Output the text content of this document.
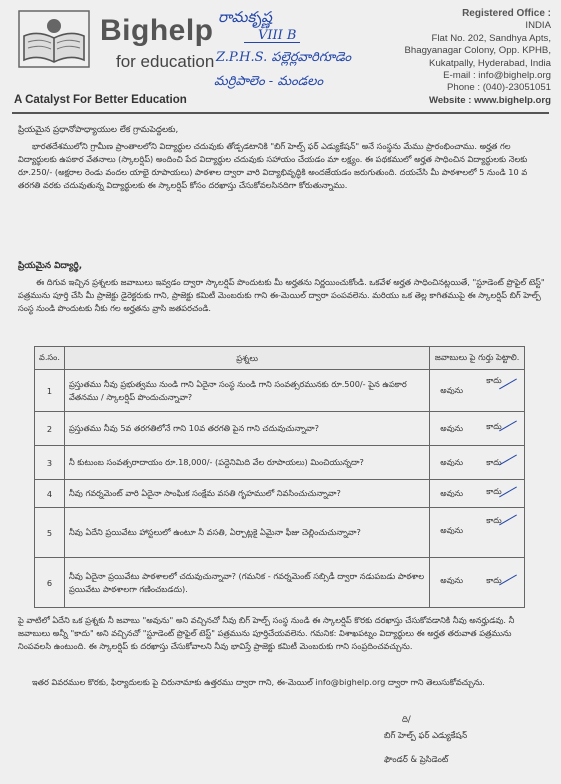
Bighelp
for education
A Catalyst For Better Education
రామకృష్ణ
VIII B
Z.P.H.S. పల్లెర్లవారిగూడెం
మర్రిపాలెం - మండలం
Registered Office :
INDIA
Flat No. 202, Sandhya Apts,
Bhagyanagar Colony, Opp. KPHB,
Kukatpally, Hyderabad, India
E-mail : info@bighelp.org
Phone : (040)-23051051
Website : www.bighelp.org
ప్రియమైన ప్రధానోపాధ్యాయుల లేక గ్రామపెద్దలకు,
భారతదేశములోని గ్రామీణ ప్రాంతాలలోని విద్యార్థుల చదువుకు తోడ్పడటానికి "బిగ్ హెల్ప్ ఫర్ ఎడ్యుకేషన్" అనే సంస్థను మేము ప్రారంభించాము. అర్హత గల విద్యార్థులకు ఉపకార వేతనాలు (స్కాలర్షిప్) అందించి పేద విద్యార్థుల చదువుకు సహాయం చేయడం మా లక్ష్యం. ఈ పథకములో అర్హత సాధించిన విద్యార్థులకు నెలకు రూ.250/- (అక్షరాల రెండు వందల యాభై రూపాయలు) పాఠశాల ద్వారా వారి విద్యాభివృద్ధికి అందజేయడం జరుగుతుంది. దయచేసి మీ పాఠశాలలో 5 నుండి 10 వ తరగతి వరకు చదువుతున్న విద్యార్థులకు ఈ స్కాలర్షిప్ కోసం దరఖాస్తు చేసుకోవలసినదిగా కోరుతున్నాము.
ప్రియమైన విద్యార్థి,
ఈ దిగువ ఇచ్చిన ప్రశ్నలకు జవాబులు ఇవ్వడం ద్వారా స్కాలర్షిప్ పొందుటకు మీ అర్హతను నిర్ణయించుకోండి. ఒకవేళ అర్హత సాధించినట్లయితే, "స్టూడెంట్ ప్రొఫైల్ టెస్ట్" పత్రమును పూర్తి చేసి మీ ప్రాజెక్టు డైరెక్టరుకు గాని, ప్రాజెక్టు కమిటీ మెంబరుకు గాని ఈ-మెయిల్ ద్వారా పంపవలెను. మరియు ఒక తెల్ల కాగితముపై ఈ స్కాలర్షిప్ బిగ్ హెల్ప్ సంస్థ నుండి పొందుటకు నీకు గల అర్హతను వ్రాసి జతపరచండి.
వ.సం.	ప్రశ్నలు	జవాబులు పై గుర్తు పెట్టాలి.
1	ప్రస్తుతము నీవు ప్రభుత్వము నుండి గాని ఏదైనా సంస్థ నుండి గాని సంవత్సరమునకు రూ.500/- పైన ఉపకార వేతనము / స్కాలర్షిప్ పొందుచున్నావా?	అవును
కాదు

2	ప్రస్తుతము నీవు 5వ తరగతిలోనే గాని 10వ తరగతి పైన గాని చదువుచున్నావా?	అవును కాదు

3	నీ కుటుంబ సంవత్సరాదాయం రూ.18,000/- (పద్దెనిమిది వేల రూపాయలు) మించియున్నదా?	అవును కాదు

4	నీవు గవర్నమెంట్ వారి ఏదైనా సాంఘిక సంక్షేమ వసతి గృహములో నివసించుచున్నావా?	అవును కాదు

5	నీవు ఏదేని ప్రయివేటు హాస్టలులో ఉంటూ నీ వసతి, ఏర్పాట్లకై ఏమైనా ఫీజు చెల్లించుచున్నావా?	అవును
కాదు

6	నీవు ఏదైనా ప్రయివేటు పాఠశాలలో చదువుచున్నావా? (గమనిక - గవర్నమెంట్ సబ్సిడీ ద్వారా నడుపబడు పాఠశాల ప్రయివేటు పాఠశాలగా గణించబడదు).	అవును కాదు
పై వాటిలో ఏదేని ఒక ప్రశ్నకు నీ జవాబు "అవును" అని వచ్చినచో నీవు బిగ్ హెల్ప్ సంస్థ నుండి ఈ స్కాలర్షిప్ కొరకు దరఖాస్తు చేసుకోవడానికి నీవు అనర్హుడవు. నీ జవాబులు అన్నీ "కాదు" అని వచ్చినచో "స్టూడెంట్ ప్రొఫైల్ టెస్ట్" పత్రమును పూర్తిచేయవలెను. గమనిక: విశాఖపట్నం విద్యార్థులు ఈ అర్హత తరువాత పత్రమును నింపవలసి ఉంటుంది. ఈ స్కాలర్షిప్ కు దరఖాస్తు చేసుకోవాలని నీవు భావిస్తే ప్రాజెక్టు కమిటీ మెంబరుకు గాని సంప్రదించవచ్చును.
ఇతర వివరముల కొరకు, ఫిర్యాదులకు పై చిరునామాకు ఉత్తరము ద్వారా గాని, ఈ-మెయిల్ info@bighelp.org ద్వారా గాని తెలుసుకోవచ్చును.
ది/
బిగ్ హెల్ప్ ఫర్ ఎడ్యుకేషన్
ఫౌండర్ & ప్రెసిడెంట్
